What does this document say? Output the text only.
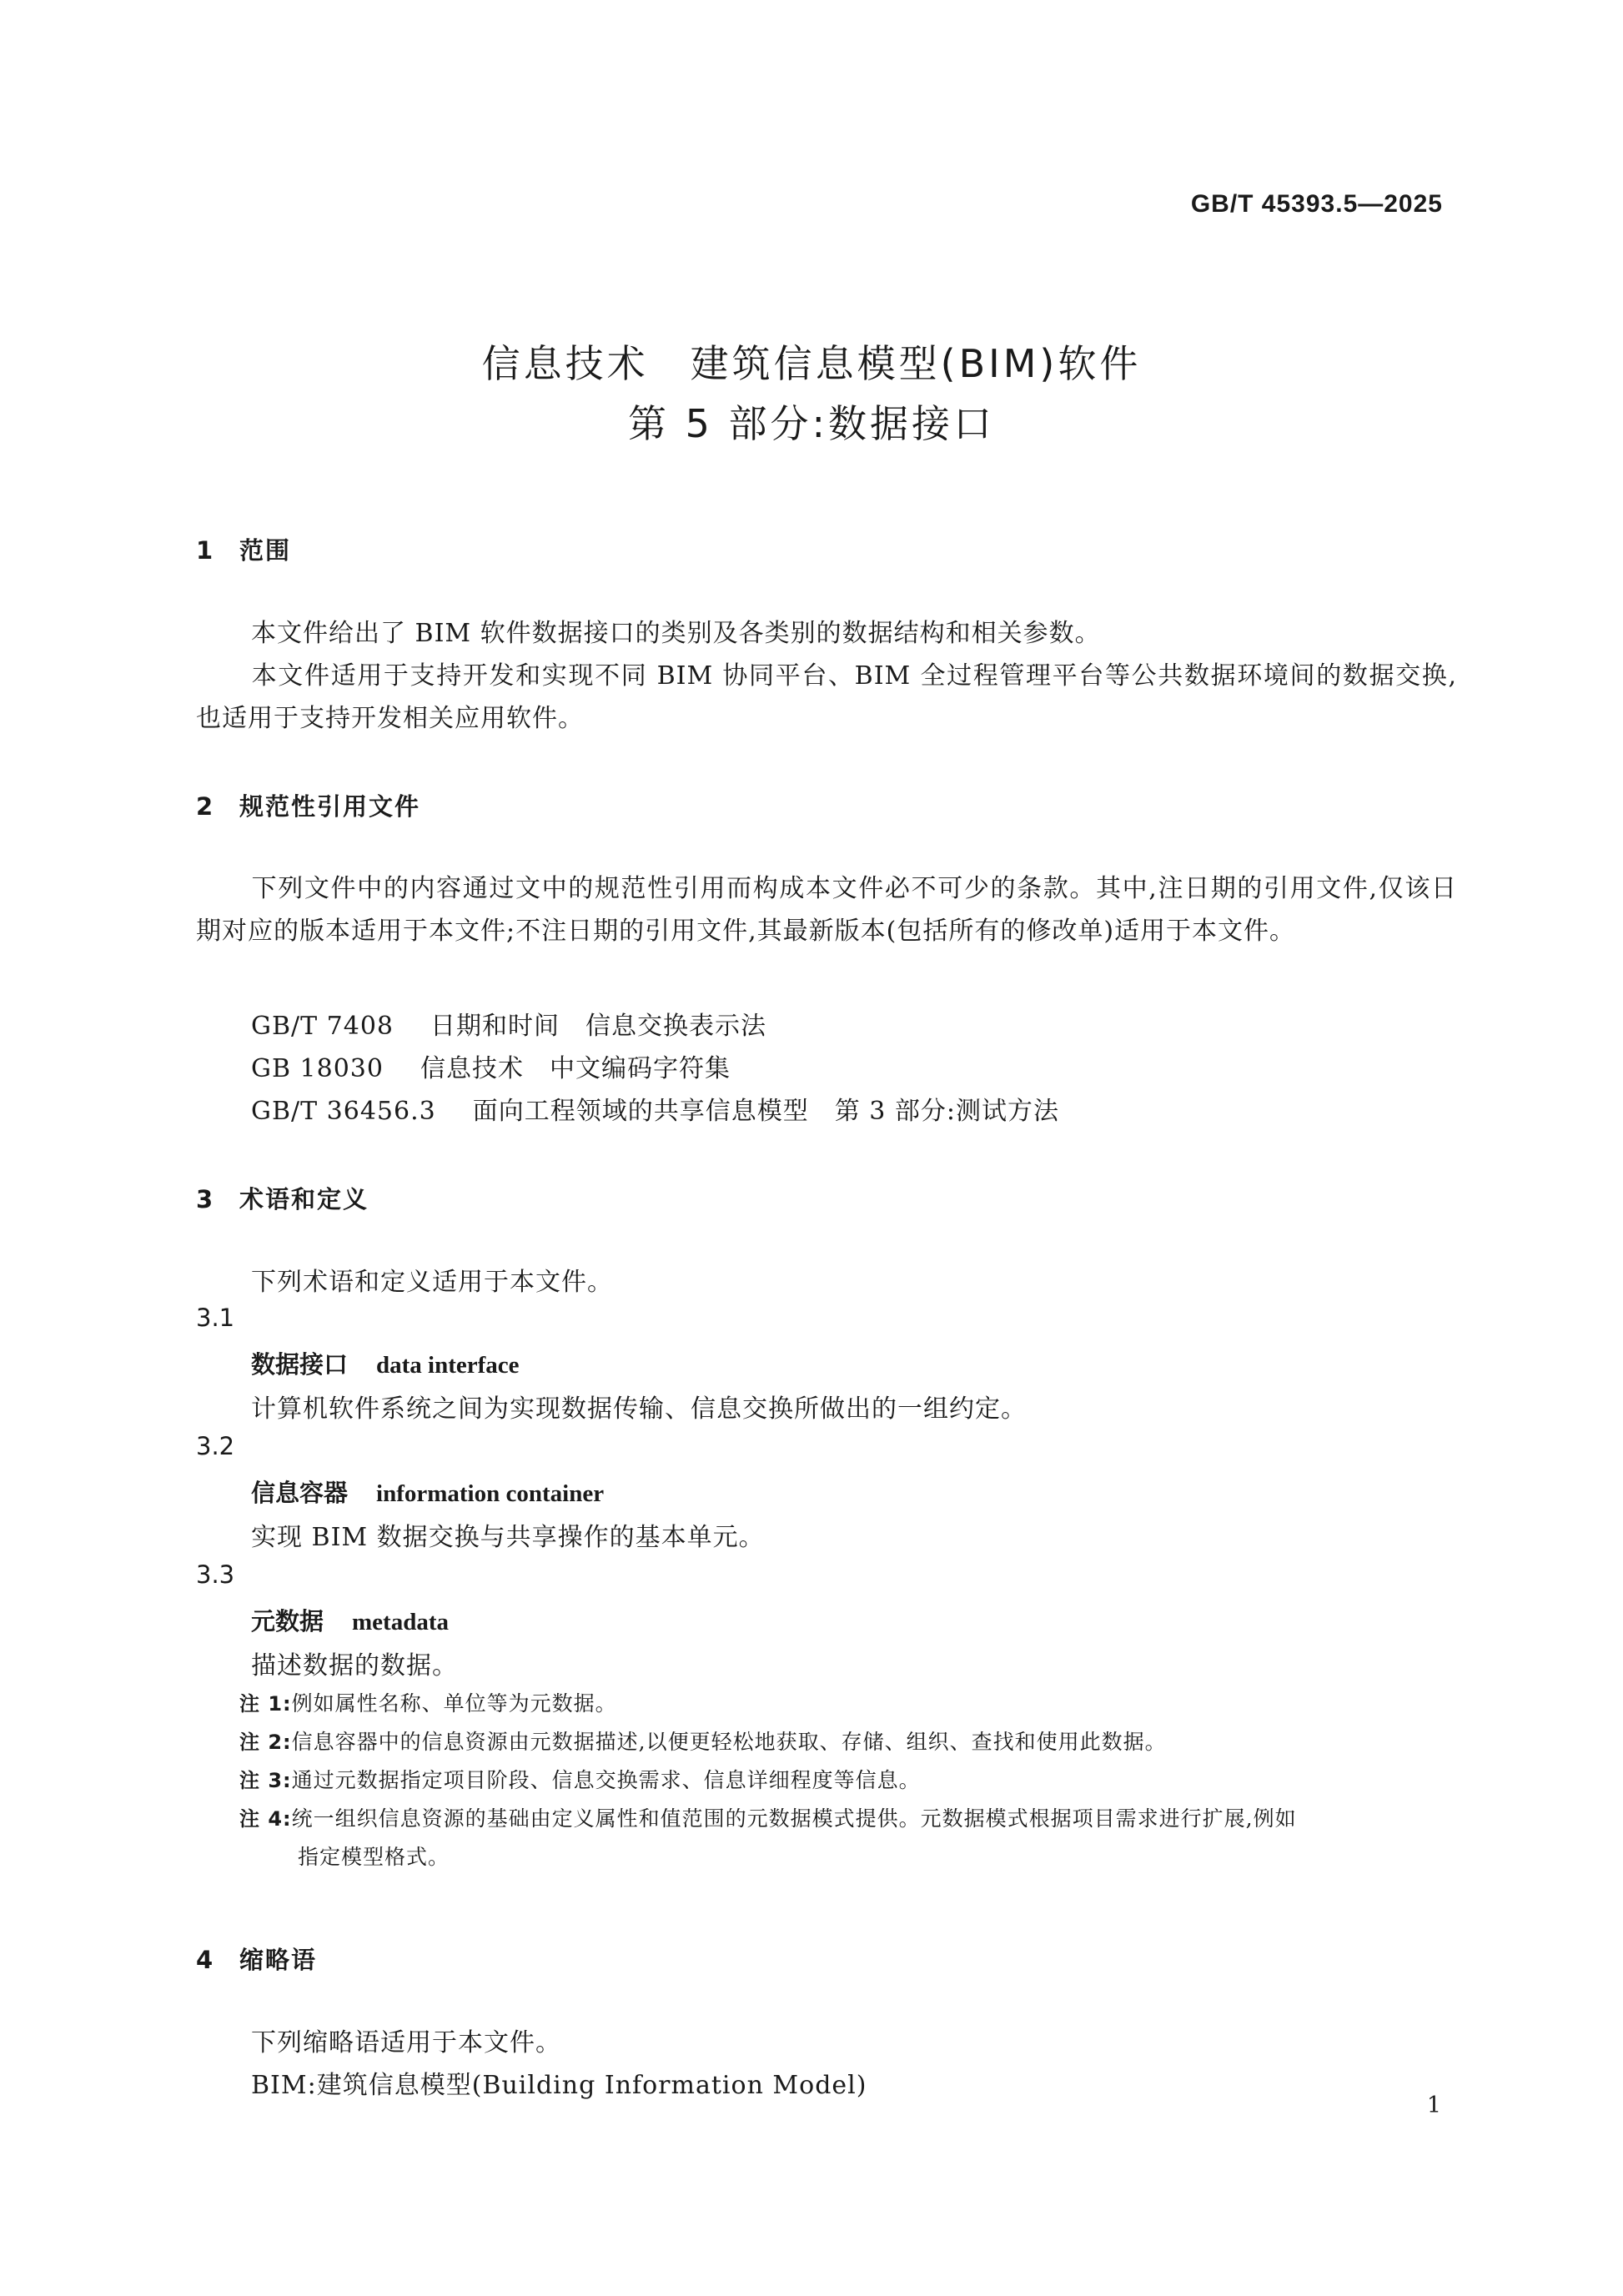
GB/T 45393.5—2025
信息技术　建筑信息模型(BIM)软件
第 5 部分:数据接口
1 范围
本文件给出了 BIM 软件数据接口的类别及各类别的数据结构和相关参数。
本文件适用于支持开发和实现不同 BIM 协同平台、BIM 全过程管理平台等公共数据环境间的数据交换,也适用于支持开发相关应用软件。
2 规范性引用文件
下列文件中的内容通过文中的规范性引用而构成本文件必不可少的条款。其中,注日期的引用文件,仅该日期对应的版本适用于本文件;不注日期的引用文件,其最新版本(包括所有的修改单)适用于本文件。
GB/T 7408 日期和时间　信息交换表示法
GB 18030 信息技术　中文编码字符集
GB/T 36456.3 面向工程领域的共享信息模型　第 3 部分:测试方法
3 术语和定义
下列术语和定义适用于本文件。
3.1
数据接口 data interface
计算机软件系统之间为实现数据传输、信息交换所做出的一组约定。
3.2
信息容器 information container
实现 BIM 数据交换与共享操作的基本单元。
3.3
元数据 metadata
描述数据的数据。
注 1:例如属性名称、单位等为元数据。
注 2:信息容器中的信息资源由元数据描述,以便更轻松地获取、存储、组织、查找和使用此数据。
注 3:通过元数据指定项目阶段、信息交换需求、信息详细程度等信息。
注 4:统一组织信息资源的基础由定义属性和值范围的元数据模式提供。元数据模式根据项目需求进行扩展,例如
指定模型格式。
4 缩略语
下列缩略语适用于本文件。
BIM:建筑信息模型(Building Information Model)
1
